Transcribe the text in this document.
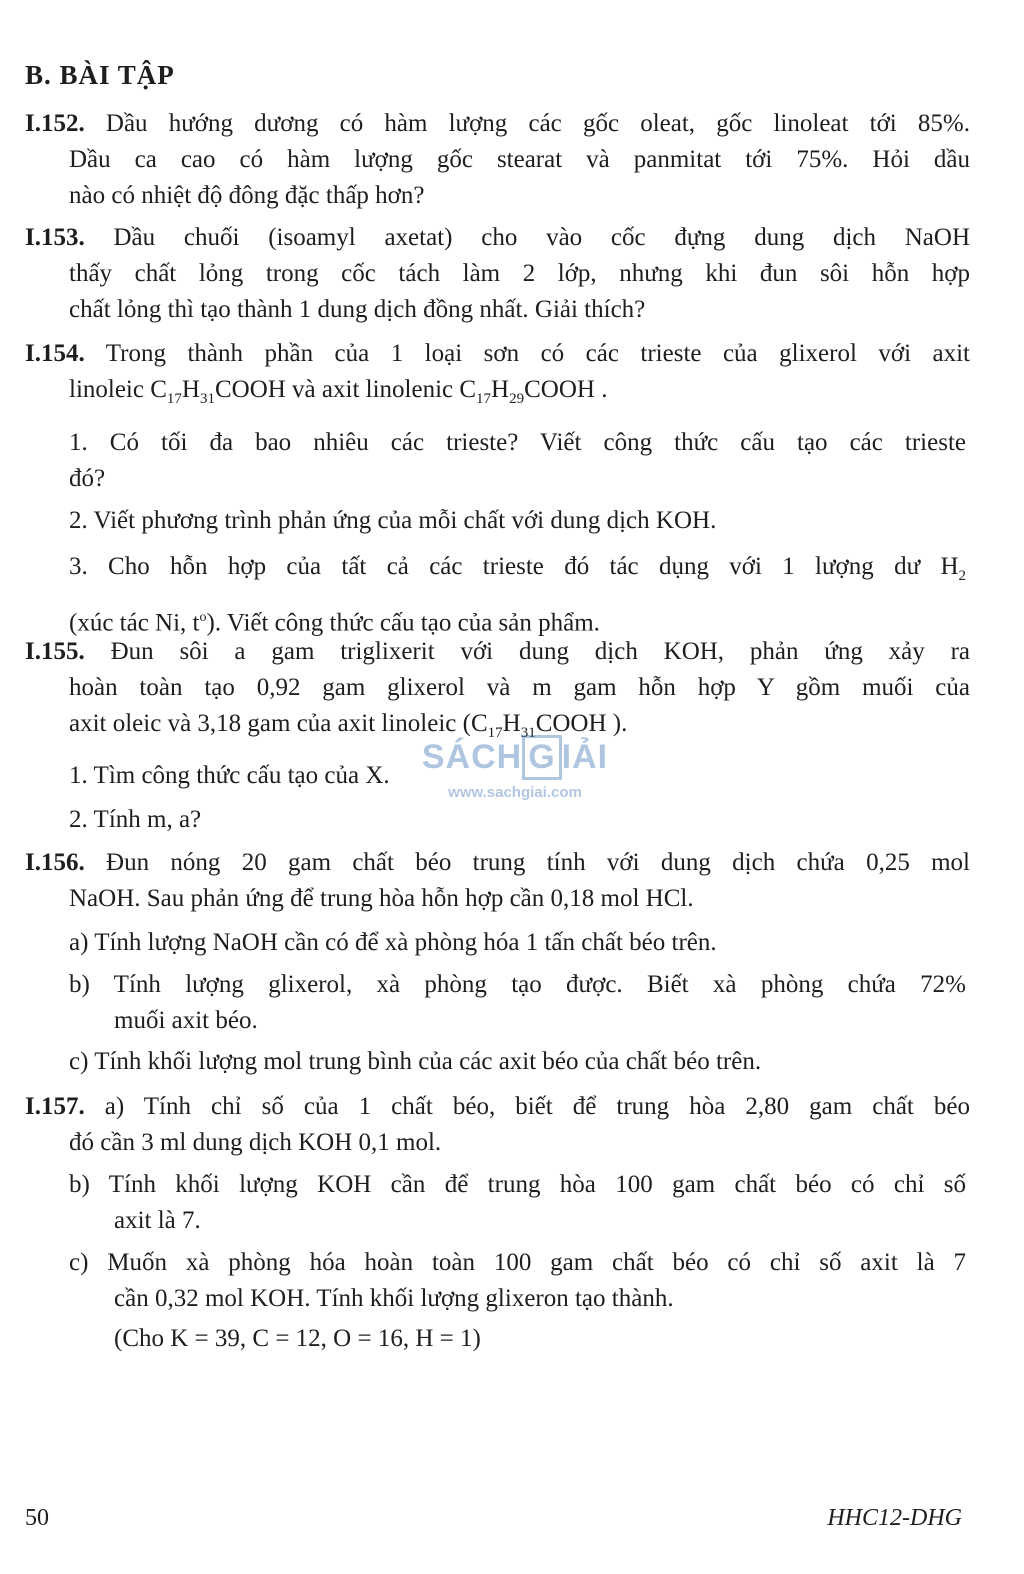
B. BÀI TẬP
I.152. Dầu hướng dương có hàm lượng các gốc oleat, gốc linoleat tới 85%.
Dầu ca cao có hàm lượng gốc stearat và panmitat tới 75%. Hỏi dầu
nào có nhiệt độ đông đặc thấp hơn?
I.153. Dầu chuối (isoamyl axetat) cho vào cốc đựng dung dịch NaOH
thấy chất lỏng trong cốc tách làm 2 lớp, nhưng khi đun sôi hỗn hợp
chất lỏng thì tạo thành 1 dung dịch đồng nhất. Giải thích?
I.154. Trong thành phần của 1 loại sơn có các trieste của glixerol với axit
linoleic $C_{17}H_{31}COOH$ và axit linolenic $C_{17}H_{29}COOH$ .
1. Có tối đa bao nhiêu các trieste? Viết công thức cấu tạo các trieste
đó?
2. Viết phương trình phản ứng của mỗi chất với dung dịch KOH.
3. Cho hỗn hợp của tất cả các trieste đó tác dụng với 1 lượng dư $H_2$
(xúc tác Ni, $t^o$). Viết công thức cấu tạo của sản phẩm.
I.155. Đun sôi a gam triglixerit với dung dịch KOH, phản ứng xảy ra
hoàn toàn tạo 0,92 gam glixerol và m gam hỗn hợp Y gồm muối của
axit oleic và 3,18 gam của axit linoleic ($C_{17}H_{31}COOH$ ).
1. Tìm công thức cấu tạo của X.
2. Tính m, a?
SÁCH G IẢI
www.sachgiai.com
I.156. Đun nóng 20 gam chất béo trung tính với dung dịch chứa 0,25 mol
NaOH. Sau phản ứng để trung hòa hỗn hợp cần 0,18 mol HCl.
a) Tính lượng NaOH cần có để xà phòng hóa 1 tấn chất béo trên.
b) Tính lượng glixerol, xà phòng tạo được. Biết xà phòng chứa 72%
muối axit béo.
c) Tính khối lượng mol trung bình của các axit béo của chất béo trên.
I.157. a) Tính chỉ số của 1 chất béo, biết để trung hòa 2,80 gam chất béo
đó cần 3 ml dung dịch KOH 0,1 mol.
b) Tính khối lượng KOH cần để trung hòa 100 gam chất béo có chỉ số
axit là 7.
c) Muốn xà phòng hóa hoàn toàn 100 gam chất béo có chỉ số axit là 7
cần 0,32 mol KOH. Tính khối lượng glixeron tạo thành.
(Cho K = 39, C = 12, O = 16, H = 1)
50	HHC12-DHG
